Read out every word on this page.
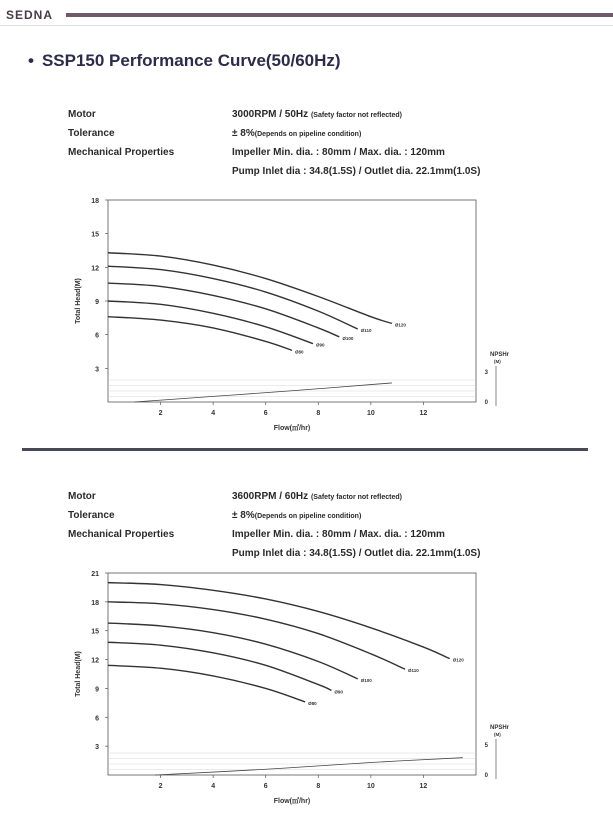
SEDNA
• SSP150 Performance Curve(50/60Hz)
Motor	3000RPM / 50Hz (Safety factor not reflected)
Tolerance	± 8%(Depends on pipeline condition)
Mechanical Properties	Impeller Min. dia. : 80mm / Max. dia. : 120mm
Pump Inlet dia : 34.8(1.5S) / Outlet dia. 22.1mm(1.0S)
3
6
9
12
15
18
2	4	6	8	10	12
Flow(㎥/hr)
Total Head(M)
NPSHr
(M)
3
0
Ø120
Ø110
Ø100
Ø90
Ø80
Motor	3600RPM / 60Hz (Safety factor not reflected)
Tolerance	± 8%(Depends on pipeline condition)
Mechanical Properties	Impeller Min. dia. : 80mm / Max. dia. : 120mm
Pump Inlet dia : 34.8(1.5S) / Outlet dia. 22.1mm(1.0S)
3
6
9
12
15
18
21
2	4	6	8	10	12
Flow(㎥/hr)
Total Head(M)
NPSHr
(M)
5
0
Ø120
Ø110
Ø100
Ø90
Ø80
